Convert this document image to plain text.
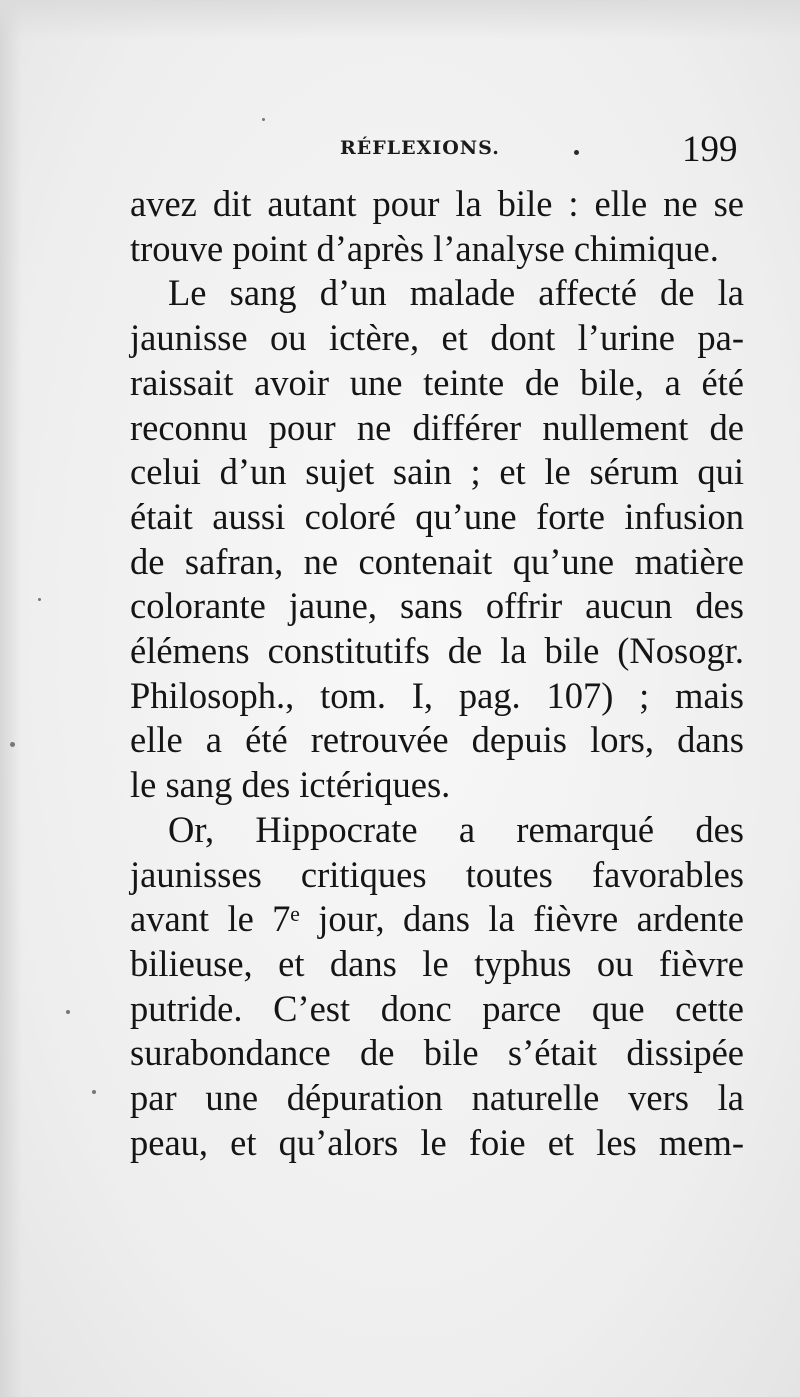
RÉFLEXIONS.	199
avez dit autant pour la bile : elle ne se
trouve point d’après l’analyse chimique.
Le sang d’un malade affecté de la
jaunisse ou ictère, et dont l’urine pa-
raissait avoir une teinte de bile, a été
reconnu pour ne différer nullement de
celui d’un sujet sain ; et le sérum qui
était aussi coloré qu’une forte infusion
de safran, ne contenait qu’une matière
colorante jaune, sans offrir aucun des
élémens constitutifs de la bile (Nosogr.
Philosoph., tom. I, pag. 107) ; mais
elle a été retrouvée depuis lors, dans
le sang des ictériques.
Or, Hippocrate a remarqué des
jaunisses critiques toutes favorables
avant le 7ᵉ jour, dans la fièvre ardente
bilieuse, et dans le typhus ou fièvre
putride. C’est donc parce que cette
surabondance de bile s’était dissipée
par une dépuration naturelle vers la
peau, et qu’alors le foie et les mem-
